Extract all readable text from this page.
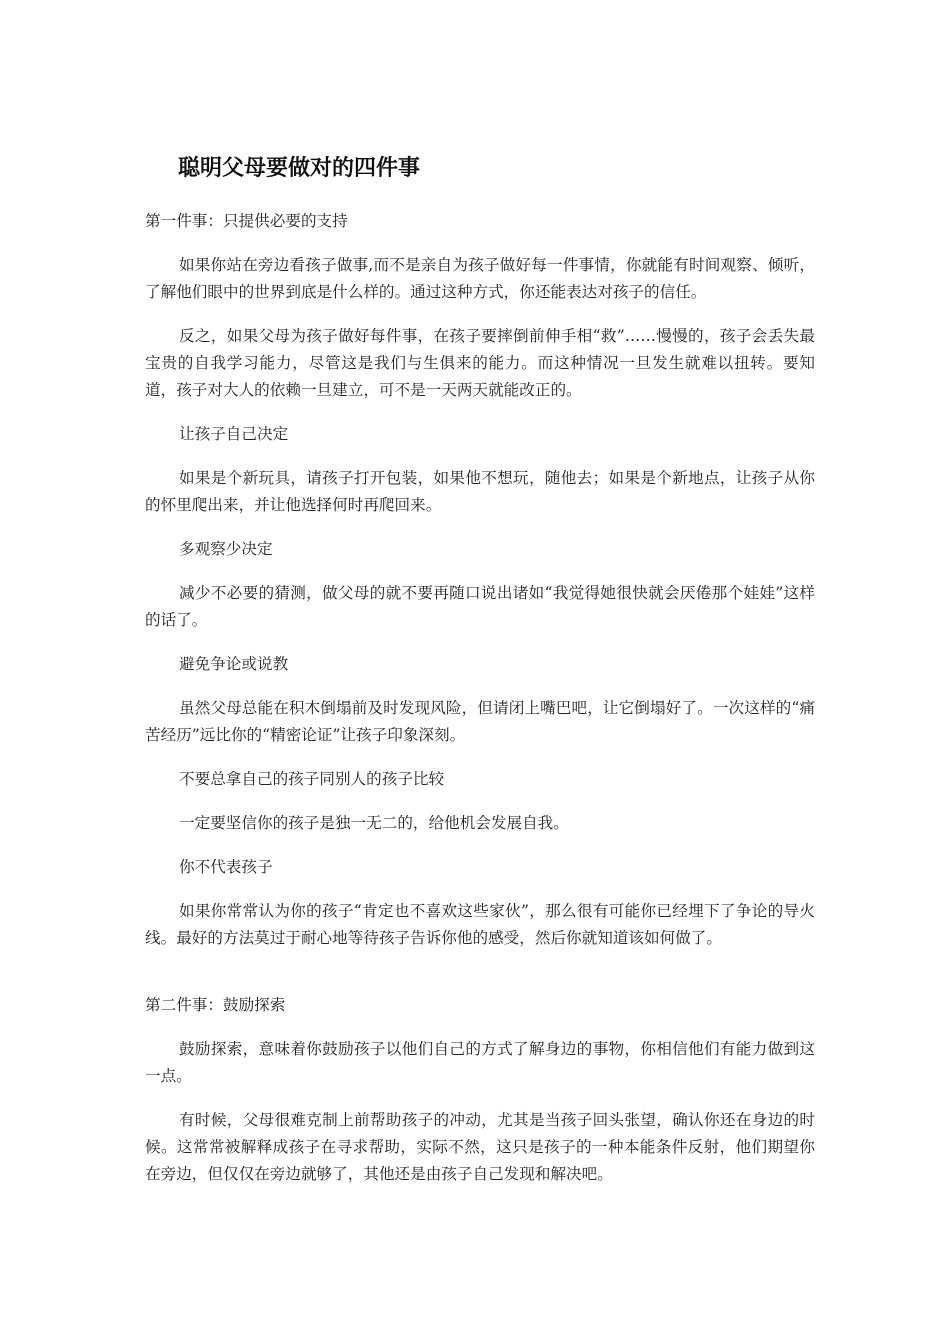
聪明父母要做对的四件事
第一件事：只提供必要的支持

如果你站在旁边看孩子做事,而不是亲自为孩子做好每一件事情，你就能有时间观察、倾听，了解他们眼中的世界到底是什么样的。通过这种方式，你还能表达对孩子的信任。

反之，如果父母为孩子做好每件事，在孩子要摔倒前伸手相“救”……慢慢的，孩子会丢失最宝贵的自我学习能力，尽管这是我们与生俱来的能力。而这种情况一旦发生就难以扭转。要知道，孩子对大人的依赖一旦建立，可不是一天两天就能改正的。

让孩子自己决定

如果是个新玩具，请孩子打开包装，如果他不想玩，随他去；如果是个新地点，让孩子从你的怀里爬出来，并让他选择何时再爬回来。

多观察少决定

减少不必要的猜测，做父母的就不要再随口说出诸如“我觉得她很快就会厌倦那个娃娃”这样的话了。

避免争论或说教

虽然父母总能在积木倒塌前及时发现风险，但请闭上嘴巴吧，让它倒塌好了。一次这样的“痛苦经历”远比你的“精密论证”让孩子印象深刻。

不要总拿自己的孩子同别人的孩子比较

一定要坚信你的孩子是独一无二的，给他机会发展自我。

你不代表孩子

如果你常常认为你的孩子“肯定也不喜欢这些家伙”，那么很有可能你已经埋下了争论的导火线。最好的方法莫过于耐心地等待孩子告诉你他的感受，然后你就知道该如何做了。

第二件事：鼓励探索

鼓励探索，意味着你鼓励孩子以他们自己的方式了解身边的事物，你相信他们有能力做到这一点。

有时候，父母很难克制上前帮助孩子的冲动，尤其是当孩子回头张望，确认你还在身边的时候。这常常被解释成孩子在寻求帮助，实际不然，这只是孩子的一种本能条件反射，他们期望你在旁边，但仅仅在旁边就够了，其他还是由孩子自己发现和解决吧。
